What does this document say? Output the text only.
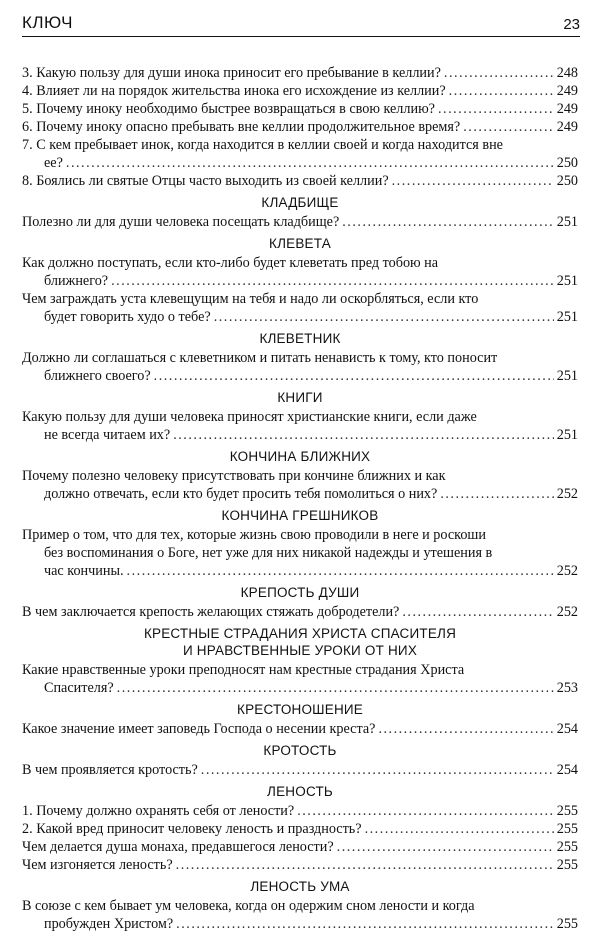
КЛЮЧ	23
3. Какую пользу для души инока приносит его пребывание в келлии? .....	248
4. Влияет ли на порядок жительства инока его исхождение из келлии? .....	249
5. Почему иноку необходимо быстрее возвращаться в свою келлию? .....	249
6. Почему иноку опасно пребывать вне келлии продолжительное время? .....	249
7. С кем пребывает инок, когда находится в келлии своей и когда находится вне
ее? .....	250
8. Боялись ли святые Отцы часто выходить из своей келлии? .....	250
КЛАДБИЩЕ
Полезно ли для души человека посещать кладбище? .....	251
КЛЕВЕТА
Как должно поступать, если кто-либо будет клеветать пред тобою на
ближнего? .....	251
Чем заграждать уста клевещущим на тебя и надо ли оскорбляться, если кто
будет говорить худо о тебе? .....	251
КЛЕВЕТНИК
Должно ли соглашаться с клеветником и питать ненависть к тому, кто поносит
ближнего своего? .....	251
КНИГИ
Какую пользу для души человека приносят христианские книги, если даже
не всегда читаем их? .....	251
КОНЧИНА БЛИЖНИХ
Почему полезно человеку присутствовать при кончине ближних и как
должно отвечать, если кто будет просить тебя помолиться о них? .....	252
КОНЧИНА ГРЕШНИКОВ
Пример о том, что для тех, которые жизнь свою проводили в неге и роскоши
без воспоминания о Боге, нет уже для них никакой надежды и утешения в
час кончины. .....	252
КРЕПОСТЬ ДУШИ
В чем заключается крепость желающих стяжать добродетели? .....	252
КРЕСТНЫЕ СТРАДАНИЯ ХРИСТА СПАСИТЕЛЯ
И НРАВСТВЕННЫЕ УРОКИ ОТ НИХ
Какие нравственные уроки преподносят нам крестные страдания Христа
Спасителя? .....	253
КРЕСТОНОШЕНИЕ
Какое значение имеет заповедь Господа о несении креста? .....	254
КРОТОСТЬ
В чем проявляется кротость? .....	254
ЛЕНОСТЬ
1. Почему должно охранять себя от лености? .....	255
2. Какой вред приносит человеку леность и праздность? .....	255
Чем делается душа монаха, предавшегося лености? .....	255
Чем изгоняется леность? .....	255
ЛЕНОСТЬ УМА
В союзе с кем бывает ум человека, когда он одержим сном лености и когда
пробужден Христом? .....	255
